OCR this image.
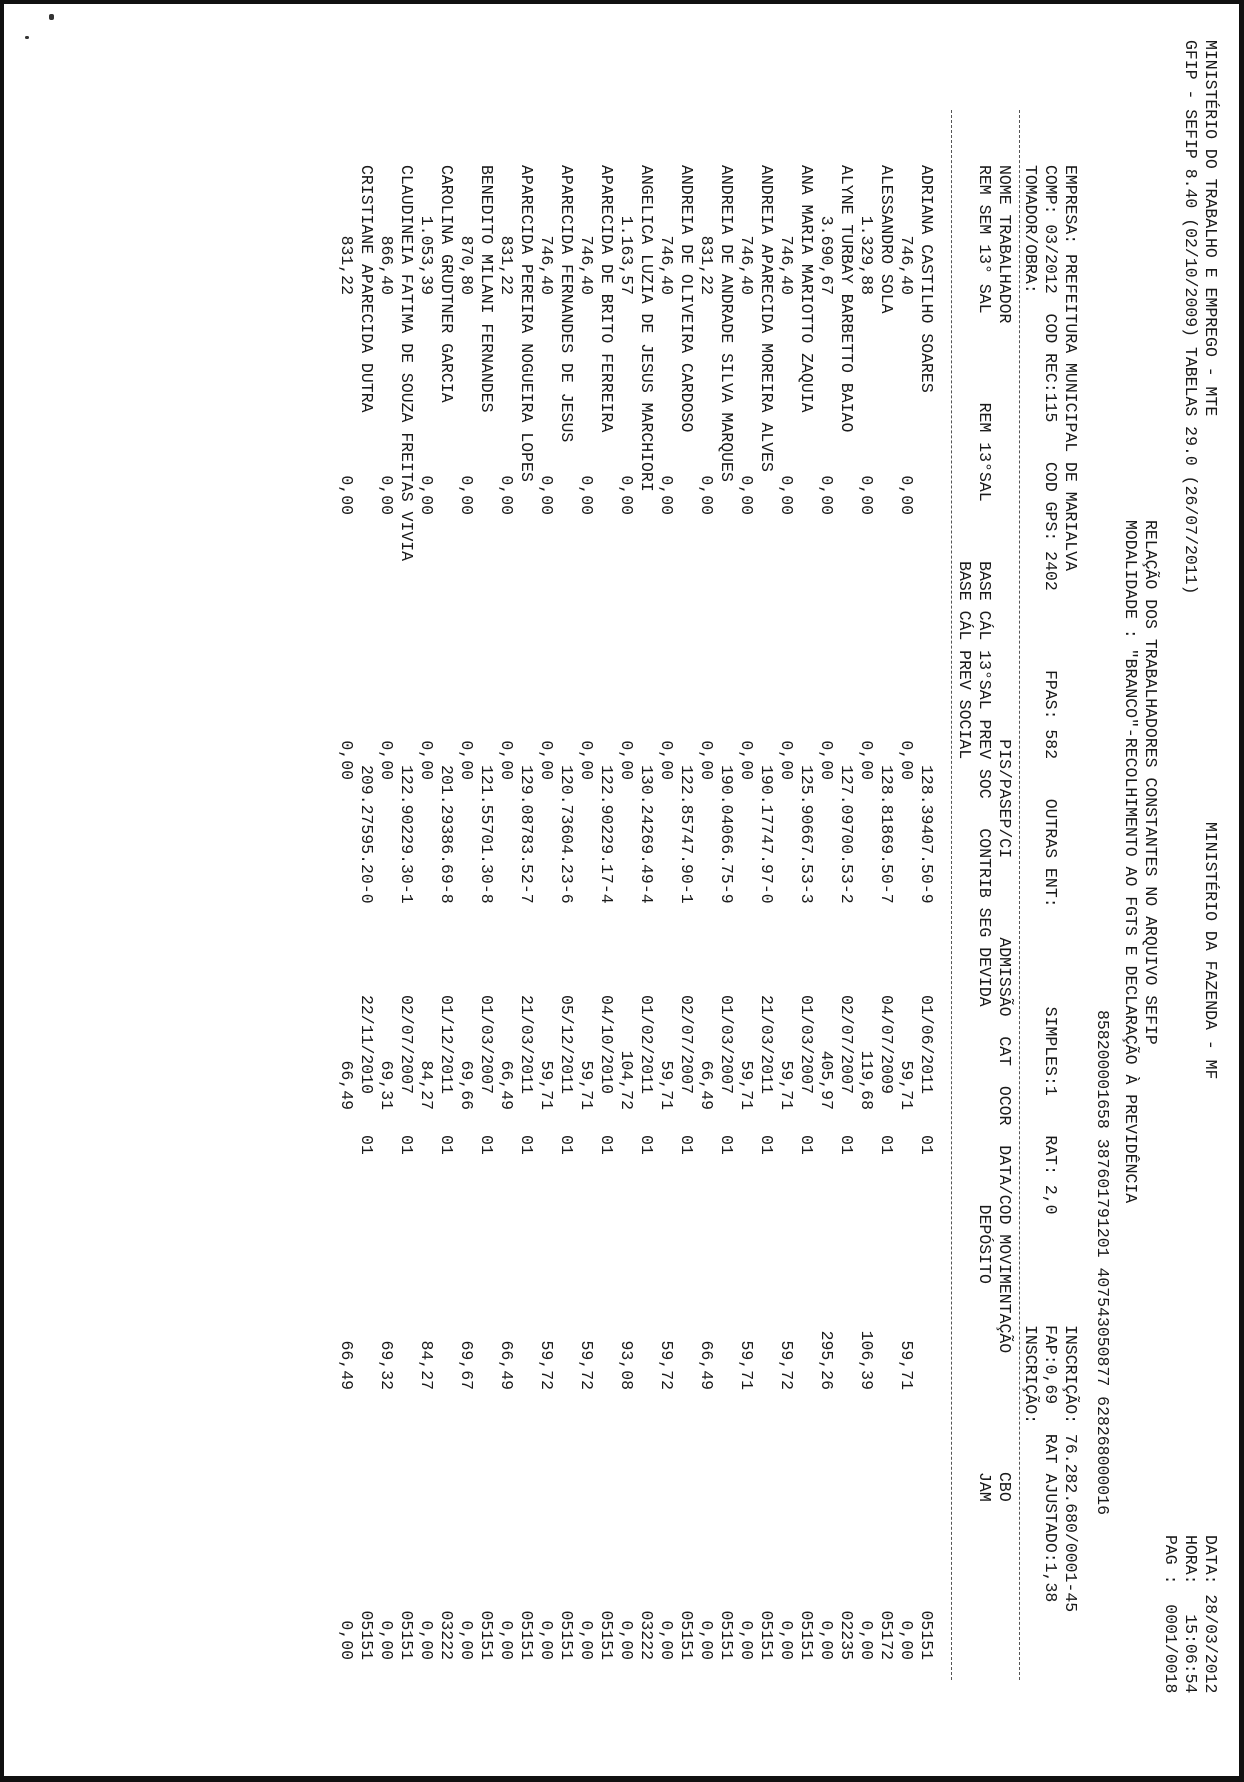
MINISTÉRIO DO TRABALHO E EMPREGO - MTE
MINISTÉRIO DA FAZENDA - MF
DATA: 28/03/2012
GFIP - SEFIP 8.40 (02/10/2009) TABELAS 29.0 (26/07/2011)
HORA:   15:06:54
PAG :  0001/0018
RELAÇÃO DOS TRABALHADORES CONSTANTES NO ARQUIVO SEFIP
MODALIDADE : "BRANCO"-RECOLHIMENTO AO FGTS E DECLARAÇÃO À PREVIDÊNCIA
858200001658 387601791201 407543050877 628268000016
EMPRESA: PREFEITURA MUNICIPAL DE MARIALVA
INSCRIÇÃO: 76.282.680/0001-45
COMP: 03/2012  COD REC:115    COD GPS: 2402        FPAS: 582    OUTRAS ENT:          SIMPLES:1    RAT: 2,0
FAP:0,69   RAT AJUSTADO:1,38
TOMADOR/OBRA:
INSCRIÇÃO:
NOME TRABALHADOR                                          PIS/PASEP/CI        ADMISSÃO  CAT  OCOR  DATA/COD MOVIMENTAÇÃO            CBO
REM SEM 13° SAL         REM 13°SAL      BASE CÁL 13°SAL PREV SOC   CONTRIB SEG DEVIDA                    DEPÓSITO                   JAM
BASE CÁL PREV SOCIAL
ADRIANA CASTILHO SOARES
128.39407.50-9
01/06/2011
01
05151
746,40
0,00
0,00
59,71
59,71
0,00
ALESSANDRO SOLA
128.81869.50-7
04/07/2009
01
05172
1.329,88
0,00
0,00
119,68
106,39
0,00
ALYNE TURBAY BARBETTO BAIAO
127.09700.53-2
02/07/2007
01
02235
3.690,67
0,00
0,00
405,97
295,26
0,00
ANA MARIA MARIOTTO ZAQUIA
125.90667.53-3
01/03/2007
01
05151
746,40
0,00
0,00
59,71
59,72
0,00
ANDREIA APARECIDA MOREIRA ALVES
190.17747.97-0
21/03/2011
01
05151
746,40
0,00
0,00
59,71
59,71
0,00
ANDREIA DE ANDRADE SILVA MARQUES
190.04066.75-9
01/03/2007
01
05151
831,22
0,00
0,00
66,49
66,49
0,00
ANDREIA DE OLIVEIRA CARDOSO
122.85747.90-1
02/07/2007
01
05151
746,40
0,00
0,00
59,71
59,72
0,00
ANGELICA LUZIA DE JESUS MARCHIORI
130.24269.49-4
01/02/2011
01
03222
1.163,57
0,00
0,00
104,72
93,08
0,00
APARECIDA DE BRITO FERREIRA
122.90229.17-4
04/10/2010
01
05151
746,40
0,00
0,00
59,71
59,72
0,00
APARECIDA FERNANDES DE JESUS
120.73604.23-6
05/12/2011
01
05151
746,40
0,00
0,00
59,71
59,72
0,00
APARECIDA PEREIRA NOGUEIRA LOPES
129.08783.52-7
21/03/2011
01
05151
831,22
0,00
0,00
66,49
66,49
0,00
BENEDITO MILANI FERNANDES
121.55701.30-8
01/03/2007
01
05151
870,80
0,00
0,00
69,66
69,67
0,00
CAROLINA GRUDTNER GARCIA
201.29386.69-8
01/12/2011
01
03222
1.053,39
0,00
0,00
84,27
84,27
0,00
CLAUDINEIA FATIMA DE SOUZA FREITAS VIVIA
122.90229.30-1
02/07/2007
01
05151
866,40
0,00
0,00
69,31
69,32
0,00
CRISTIANE APARECIDA DUTRA
209.27595.20-0
22/11/2010
01
05151
831,22
0,00
0,00
66,49
66,49
0,00
